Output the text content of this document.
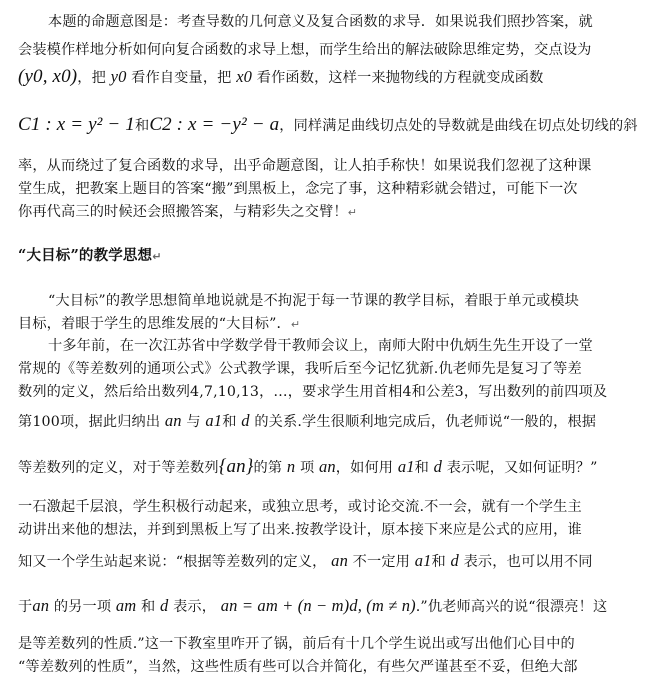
本题的命题意图是：考查导数的几何意义及复合函数的求导．如果说我们照抄答案，就
会装模作样地分析如何向复合函数的求导上想，而学生给出的解法破除思维定势，交点设为
(y0, x0)，把 y0 看作自变量，把 x0 看作函数，这样一来抛物线的方程就变成函数
C1 : x = y² − 1和C2 : x = −y² − a，同样满足曲线切点处的导数就是曲线在切点处切线的斜
率，从而绕过了复合函数的求导，出乎命题意图，让人拍手称快！如果说我们忽视了这种课
堂生成，把教案上题目的答案“搬”到黑板上，念完了事，这种精彩就会错过，可能下一次
你再代高三的时候还会照搬答案，与精彩失之交臂！↵
“大目标”的教学思想↵
“大目标”的教学思想简单地说就是不拘泥于每一节课的教学目标，着眼于单元或模块
目标，着眼于学生的思维发展的“大目标”．↵
十多年前，在一次江苏省中学数学骨干教师会议上，南师大附中仇炳生先生开设了一堂
常规的《等差数列的通项公式》公式教学课，我听后至今记忆犹新.仇老师先是复习了等差
数列的定义，然后给出数列4,7,10,13，…，要求学生用首相4和公差3，写出数列的前四项及
第100项，据此归纳出 an 与 a1和 d 的关系.学生很顺利地完成后，仇老师说“一般的，根据
等差数列的定义，对于等差数列{an}的第 n 项 an，如何用 a1和 d 表示呢，又如何证明？”
一石激起千层浪，学生积极行动起来，或独立思考，或讨论交流.不一会，就有一个学生主
动讲出来他的想法，并到到黑板上写了出来.按教学设计，原本接下来应是公式的应用，谁
知又一个学生站起来说：“根据等差数列的定义， an 不一定用 a1和 d 表示，也可以用不同
于an 的另一项 am 和 d 表示， an = am + (n − m)d, (m ≠ n).”仇老师高兴的说“很漂亮！这
是等差数列的性质.”这一下教室里咋开了锅，前后有十几个学生说出或写出他们心目中的
“等差数列的性质”，当然，这些性质有些可以合并简化，有些欠严谨甚至不妥，但绝大部
